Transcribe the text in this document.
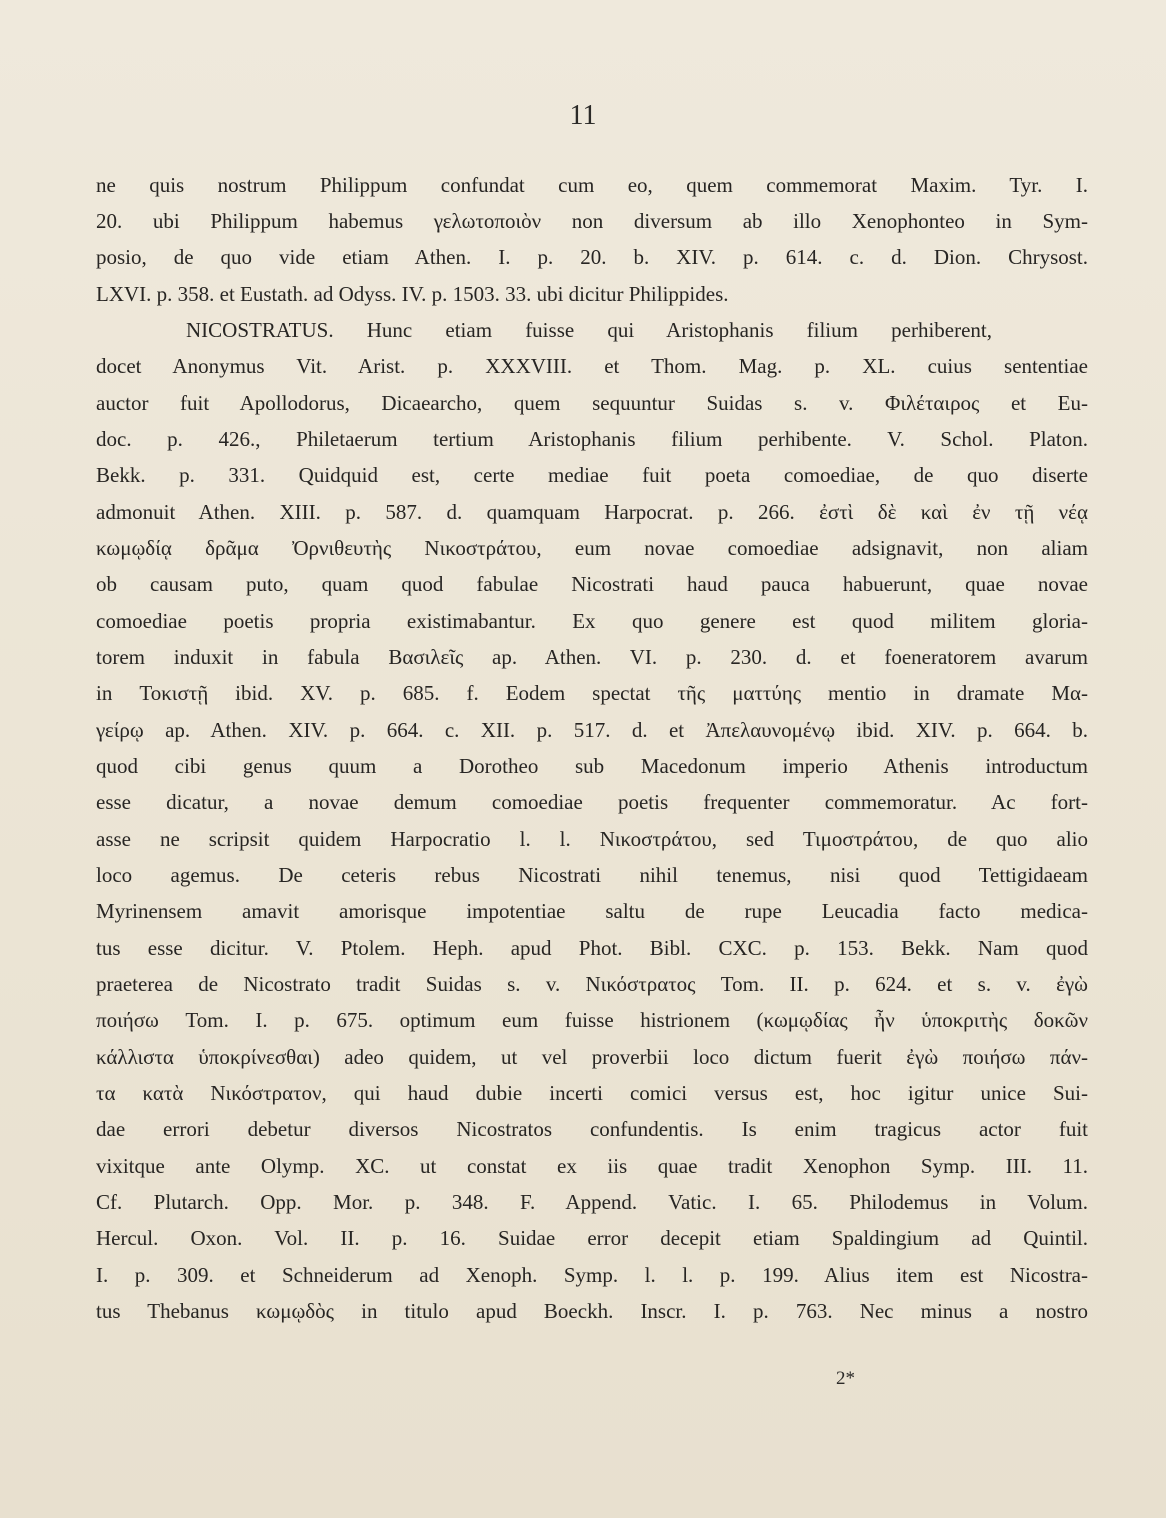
11
ne quis nostrum Philippum confundat cum eo, quem commemorat Maxim. Tyr. I.
20. ubi Philippum habemus γελωτοποιὸν non diversum ab illo Xenophonteo in Sym-
posio, de quo vide etiam Athen. I. p. 20. b. XIV. p. 614. c. d. Dion. Chrysost.
LXVI. p. 358. et Eustath. ad Odyss. IV. p. 1503. 33. ubi dicitur Philippides.
NICOSTRATUS. Hunc etiam fuisse qui Aristophanis filium perhiberent,
docet Anonymus Vit. Arist. p. XXXVIII. et Thom. Mag. p. XL. cuius sententiae
auctor fuit Apollodorus, Dicaearcho, quem sequuntur Suidas s. v. Φιλέταιρος et Eu-
doc. p. 426., Philetaerum tertium Aristophanis filium perhibente. V. Schol. Platon.
Bekk. p. 331. Quidquid est, certe mediae fuit poeta comoediae, de quo diserte
admonuit Athen. XIII. p. 587. d. quamquam Harpocrat. p. 266. ἐστὶ δὲ καὶ ἐν τῇ νέᾳ
κωμῳδίᾳ δρᾶμα Ὀρνιθευτὴς Νικοστράτου, eum novae comoediae adsignavit, non aliam
ob causam puto, quam quod fabulae Nicostrati haud pauca habuerunt, quae novae
comoediae poetis propria existimabantur. Ex quo genere est quod militem gloria-
torem induxit in fabula Βασιλεῖς ap. Athen. VI. p. 230. d. et foeneratorem avarum
in Τοκιστῇ ibid. XV. p. 685. f. Eodem spectat τῆς ματτύης mentio in dramate Μα-
γείρῳ ap. Athen. XIV. p. 664. c. XII. p. 517. d. et Ἀπελαυνομένῳ ibid. XIV. p. 664. b.
quod cibi genus quum a Dorotheo sub Macedonum imperio Athenis introductum
esse dicatur, a novae demum comoediae poetis frequenter commemoratur. Ac fort-
asse ne scripsit quidem Harpocratio l. l. Νικοστράτου, sed Τιμοστράτου, de quo alio
loco agemus. De ceteris rebus Nicostrati nihil tenemus, nisi quod Tettigidaeam
Myrinensem amavit amorisque impotentiae saltu de rupe Leucadia facto medica-
tus esse dicitur. V. Ptolem. Heph. apud Phot. Bibl. CXC. p. 153. Bekk. Nam quod
praeterea de Nicostrato tradit Suidas s. v. Νικόστρατος Tom. II. p. 624. et s. v. ἐγὼ
ποιήσω Tom. I. p. 675. optimum eum fuisse histrionem (κωμῳδίας ἦν ὑποκριτὴς δοκῶν
κάλλιστα ὑποκρίνεσθαι) adeo quidem, ut vel proverbii loco dictum fuerit ἐγὼ ποιήσω πάν-
τα κατὰ Νικόστρατον, qui haud dubie incerti comici versus est, hoc igitur unice Sui-
dae errori debetur diversos Nicostratos confundentis. Is enim tragicus actor fuit
vixitque ante Olymp. XC. ut constat ex iis quae tradit Xenophon Symp. III. 11.
Cf. Plutarch. Opp. Mor. p. 348. F. Append. Vatic. I. 65. Philodemus in Volum.
Hercul. Oxon. Vol. II. p. 16. Suidae error decepit etiam Spaldingium ad Quintil.
I. p. 309. et Schneiderum ad Xenoph. Symp. l. l. p. 199. Alius item est Nicostra-
tus Thebanus κωμῳδὸς in titulo apud Boeckh. Inscr. I. p. 763. Nec minus a nostro
2*
